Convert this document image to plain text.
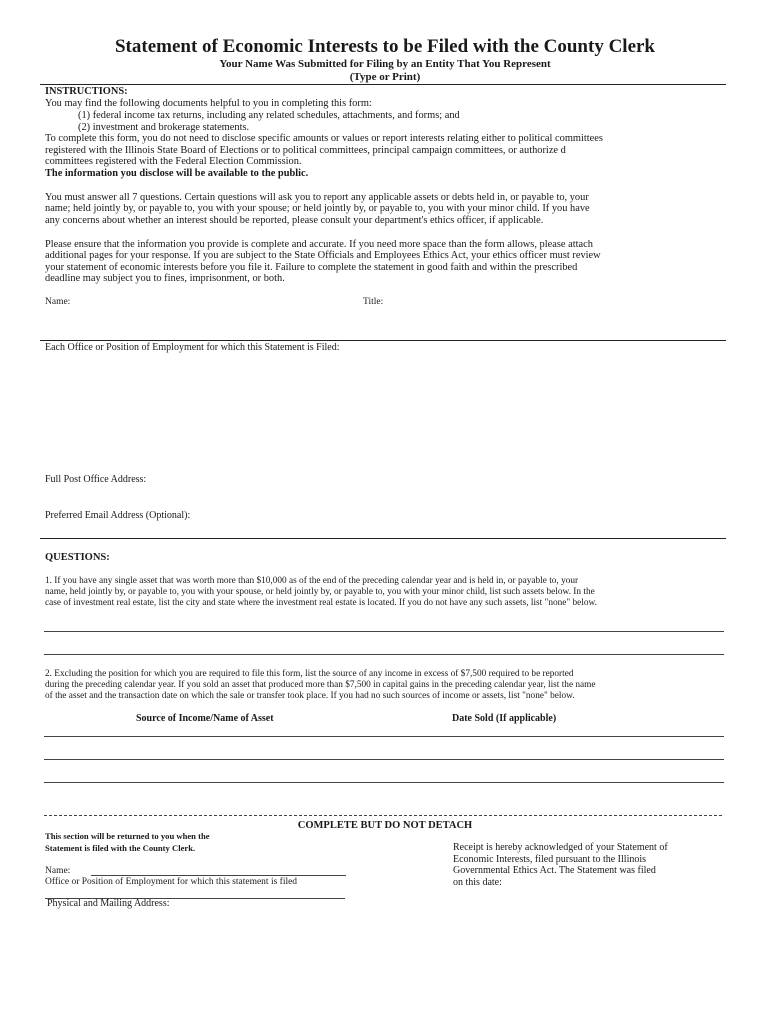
Statement of Economic Interests to be Filed with the County Clerk
Your Name Was Submitted for Filing by an Entity That You Represent
(Type or Print)
INSTRUCTIONS:
You may find the following documents helpful to you in completing this form:
(1) federal income tax returns, including any related schedules, attachments, and forms; and
(2) investment and brokerage statements.
To complete this form, you do not need to disclose specific amounts or values or report interests relating either to political committees
registered with the Illinois State Board of Elections or to political committees, principal campaign committees, or authorize d
committees registered with the Federal Election Commission.
The information you disclose will be available to the public.
You must answer all 7 questions. Certain questions will ask you to report any applicable assets or debts held in, or payable to, your
name; held jointly by, or payable to, you with your spouse; or held jointly by, or payable to, you with your minor child. If you have
any concerns about whether an interest should be reported, please consult your department's ethics officer, if applicable.
Please ensure that the information you provide is complete and accurate. If you need more space than the form allows, please attach
additional pages for your response. If you are subject to the State Officials and Employees Ethics Act, your ethics officer must review
your statement of economic interests before you file it. Failure to complete the statement in good faith and within the prescribed
deadline may subject you to fines, imprisonment, or both.
Name:	Title:
Each Office or Position of Employment for which this Statement is Filed:
Full Post Office Address:
Preferred Email Address (Optional):
QUESTIONS:
1. If you have any single asset that was worth more than $10,000 as of the end of the preceding calendar year and is held in, or payable to, your
name, held jointly by, or payable to, you with your spouse, or held jointly by, or payable to, you with your minor child, list such assets below. In the
case of investment real estate, list the city and state where the investment real estate is located. If you do not have any such assets, list "none" below.
2. Excluding the position for which you are required to file this form, list the source of any income in excess of $7,500 required to be reported
during the preceding calendar year. If you sold an asset that produced more than $7,500 in capital gains in the preceding calendar year, list the name
of the asset and the transaction date on which the sale or transfer took place. If you had no such sources of income or assets, list "none" below.
Source of Income/Name of Asset	Date Sold (If applicable)
COMPLETE BUT DO NOT DETACH
This section will be returned to you when the
Statement is filed with the County Clerk.
Name:
Office or Position of Employment for which this statement is filed
Physical and Mailing Address:
Receipt is hereby acknowledged of your Statement of
Economic Interests, filed pursuant to the Illinois
Governmental Ethics Act. The Statement was filed
on this date:
